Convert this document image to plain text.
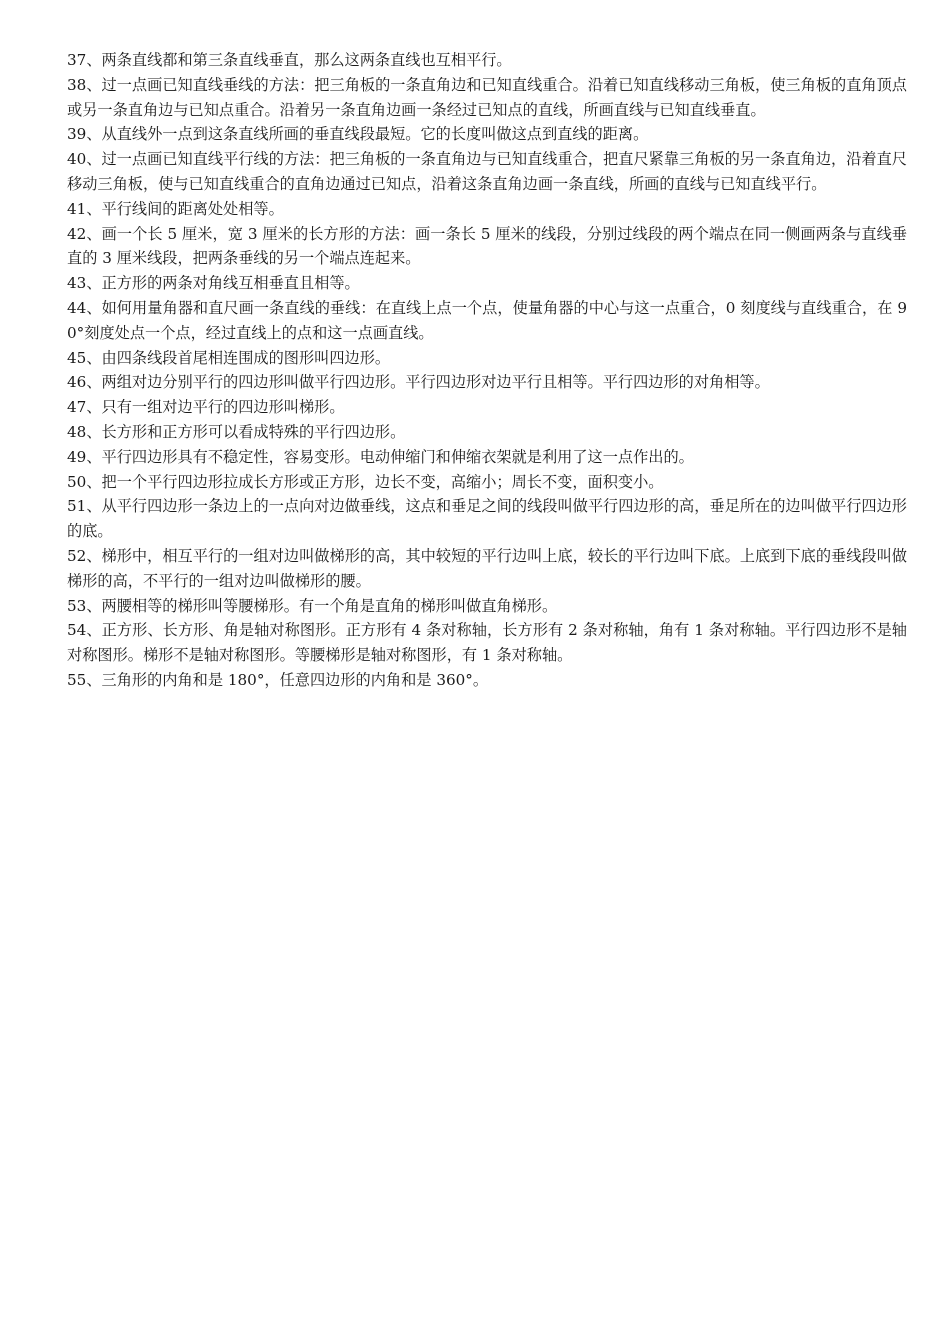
37、两条直线都和第三条直线垂直，那么这两条直线也互相平行。

38、过一点画已知直线垂线的方法：把三角板的一条直角边和已知直线重合。沿着已知直线移动三角板，使三角板的直角顶点或另一条直角边与已知点重合。沿着另一条直角边画一条经过已知点的直线，所画直线与已知直线垂直。

39、从直线外一点到这条直线所画的垂直线段最短。它的长度叫做这点到直线的距离。

40、过一点画已知直线平行线的方法：把三角板的一条直角边与已知直线重合，把直尺紧靠三角板的另一条直角边，沿着直尺移动三角板，使与已知直线重合的直角边通过已知点，沿着这条直角边画一条直线，所画的直线与已知直线平行。

41、平行线间的距离处处相等。

42、画一个长 5 厘米，宽 3 厘米的长方形的方法：画一条长 5 厘米的线段，分别过线段的两个端点在同一侧画两条与直线垂直的 3 厘米线段，把两条垂线的另一个端点连起来。

43、正方形的两条对角线互相垂直且相等。

44、如何用量角器和直尺画一条直线的垂线：在直线上点一个点，使量角器的中心与这一点重合，0 刻度线与直线重合，在 90°刻度处点一个点，经过直线上的点和这一点画直线。

45、由四条线段首尾相连围成的图形叫四边形。

46、两组对边分别平行的四边形叫做平行四边形。平行四边形对边平行且相等。平行四边形的对角相等。

47、只有一组对边平行的四边形叫梯形。

48、长方形和正方形可以看成特殊的平行四边形。

49、平行四边形具有不稳定性，容易变形。电动伸缩门和伸缩衣架就是利用了这一点作出的。

50、把一个平行四边形拉成长方形或正方形，边长不变，高缩小；周长不变，面积变小。

51、从平行四边形一条边上的一点向对边做垂线，这点和垂足之间的线段叫做平行四边形的高，垂足所在的边叫做平行四边形的底。

52、梯形中，相互平行的一组对边叫做梯形的高，其中较短的平行边叫上底，较长的平行边叫下底。上底到下底的垂线段叫做梯形的高，不平行的一组对边叫做梯形的腰。

53、两腰相等的梯形叫等腰梯形。有一个角是直角的梯形叫做直角梯形。

54、正方形、长方形、角是轴对称图形。正方形有 4 条对称轴，长方形有 2 条对称轴，角有 1 条对称轴。平行四边形不是轴对称图形。梯形不是轴对称图形。等腰梯形是轴对称图形，有 1 条对称轴。

55、三角形的内角和是 180°，任意四边形的内角和是 360°。
